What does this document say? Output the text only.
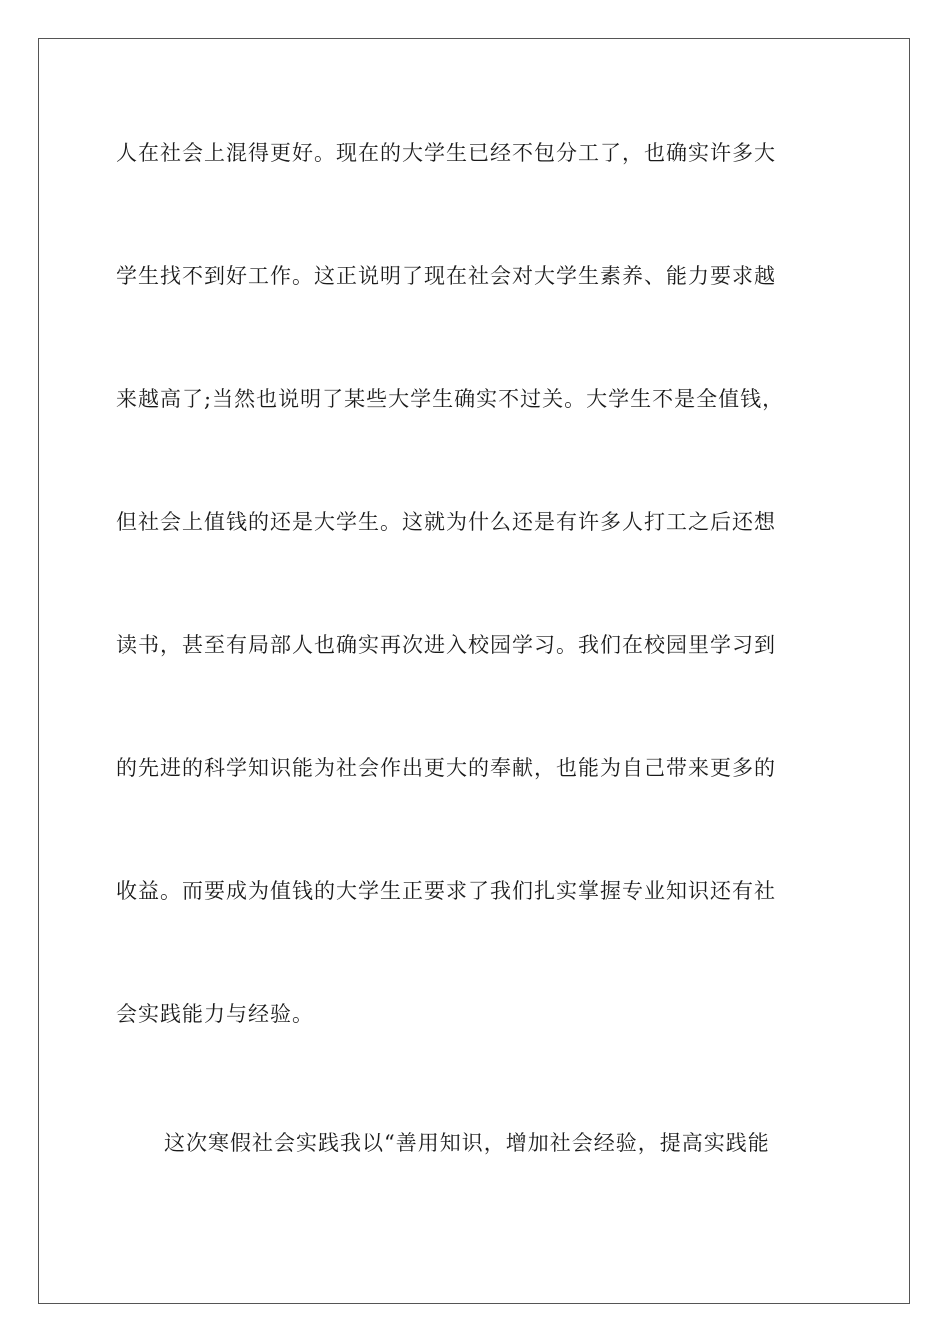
人在社会上混得更好。现在的大学生已经不包分工了，也确实许多大
学生找不到好工作。这正说明了现在社会对大学生素养、能力要求越
来越高了;当然也说明了某些大学生确实不过关。大学生不是全值钱，
但社会上值钱的还是大学生。这就为什么还是有许多人打工之后还想
读书，甚至有局部人也确实再次进入校园学习。我们在校园里学习到
的先进的科学知识能为社会作出更大的奉献，也能为自己带来更多的
收益。而要成为值钱的大学生正要求了我们扎实掌握专业知识还有社
会实践能力与经验。
这次寒假社会实践我以“善用知识，增加社会经验，提高实践能
